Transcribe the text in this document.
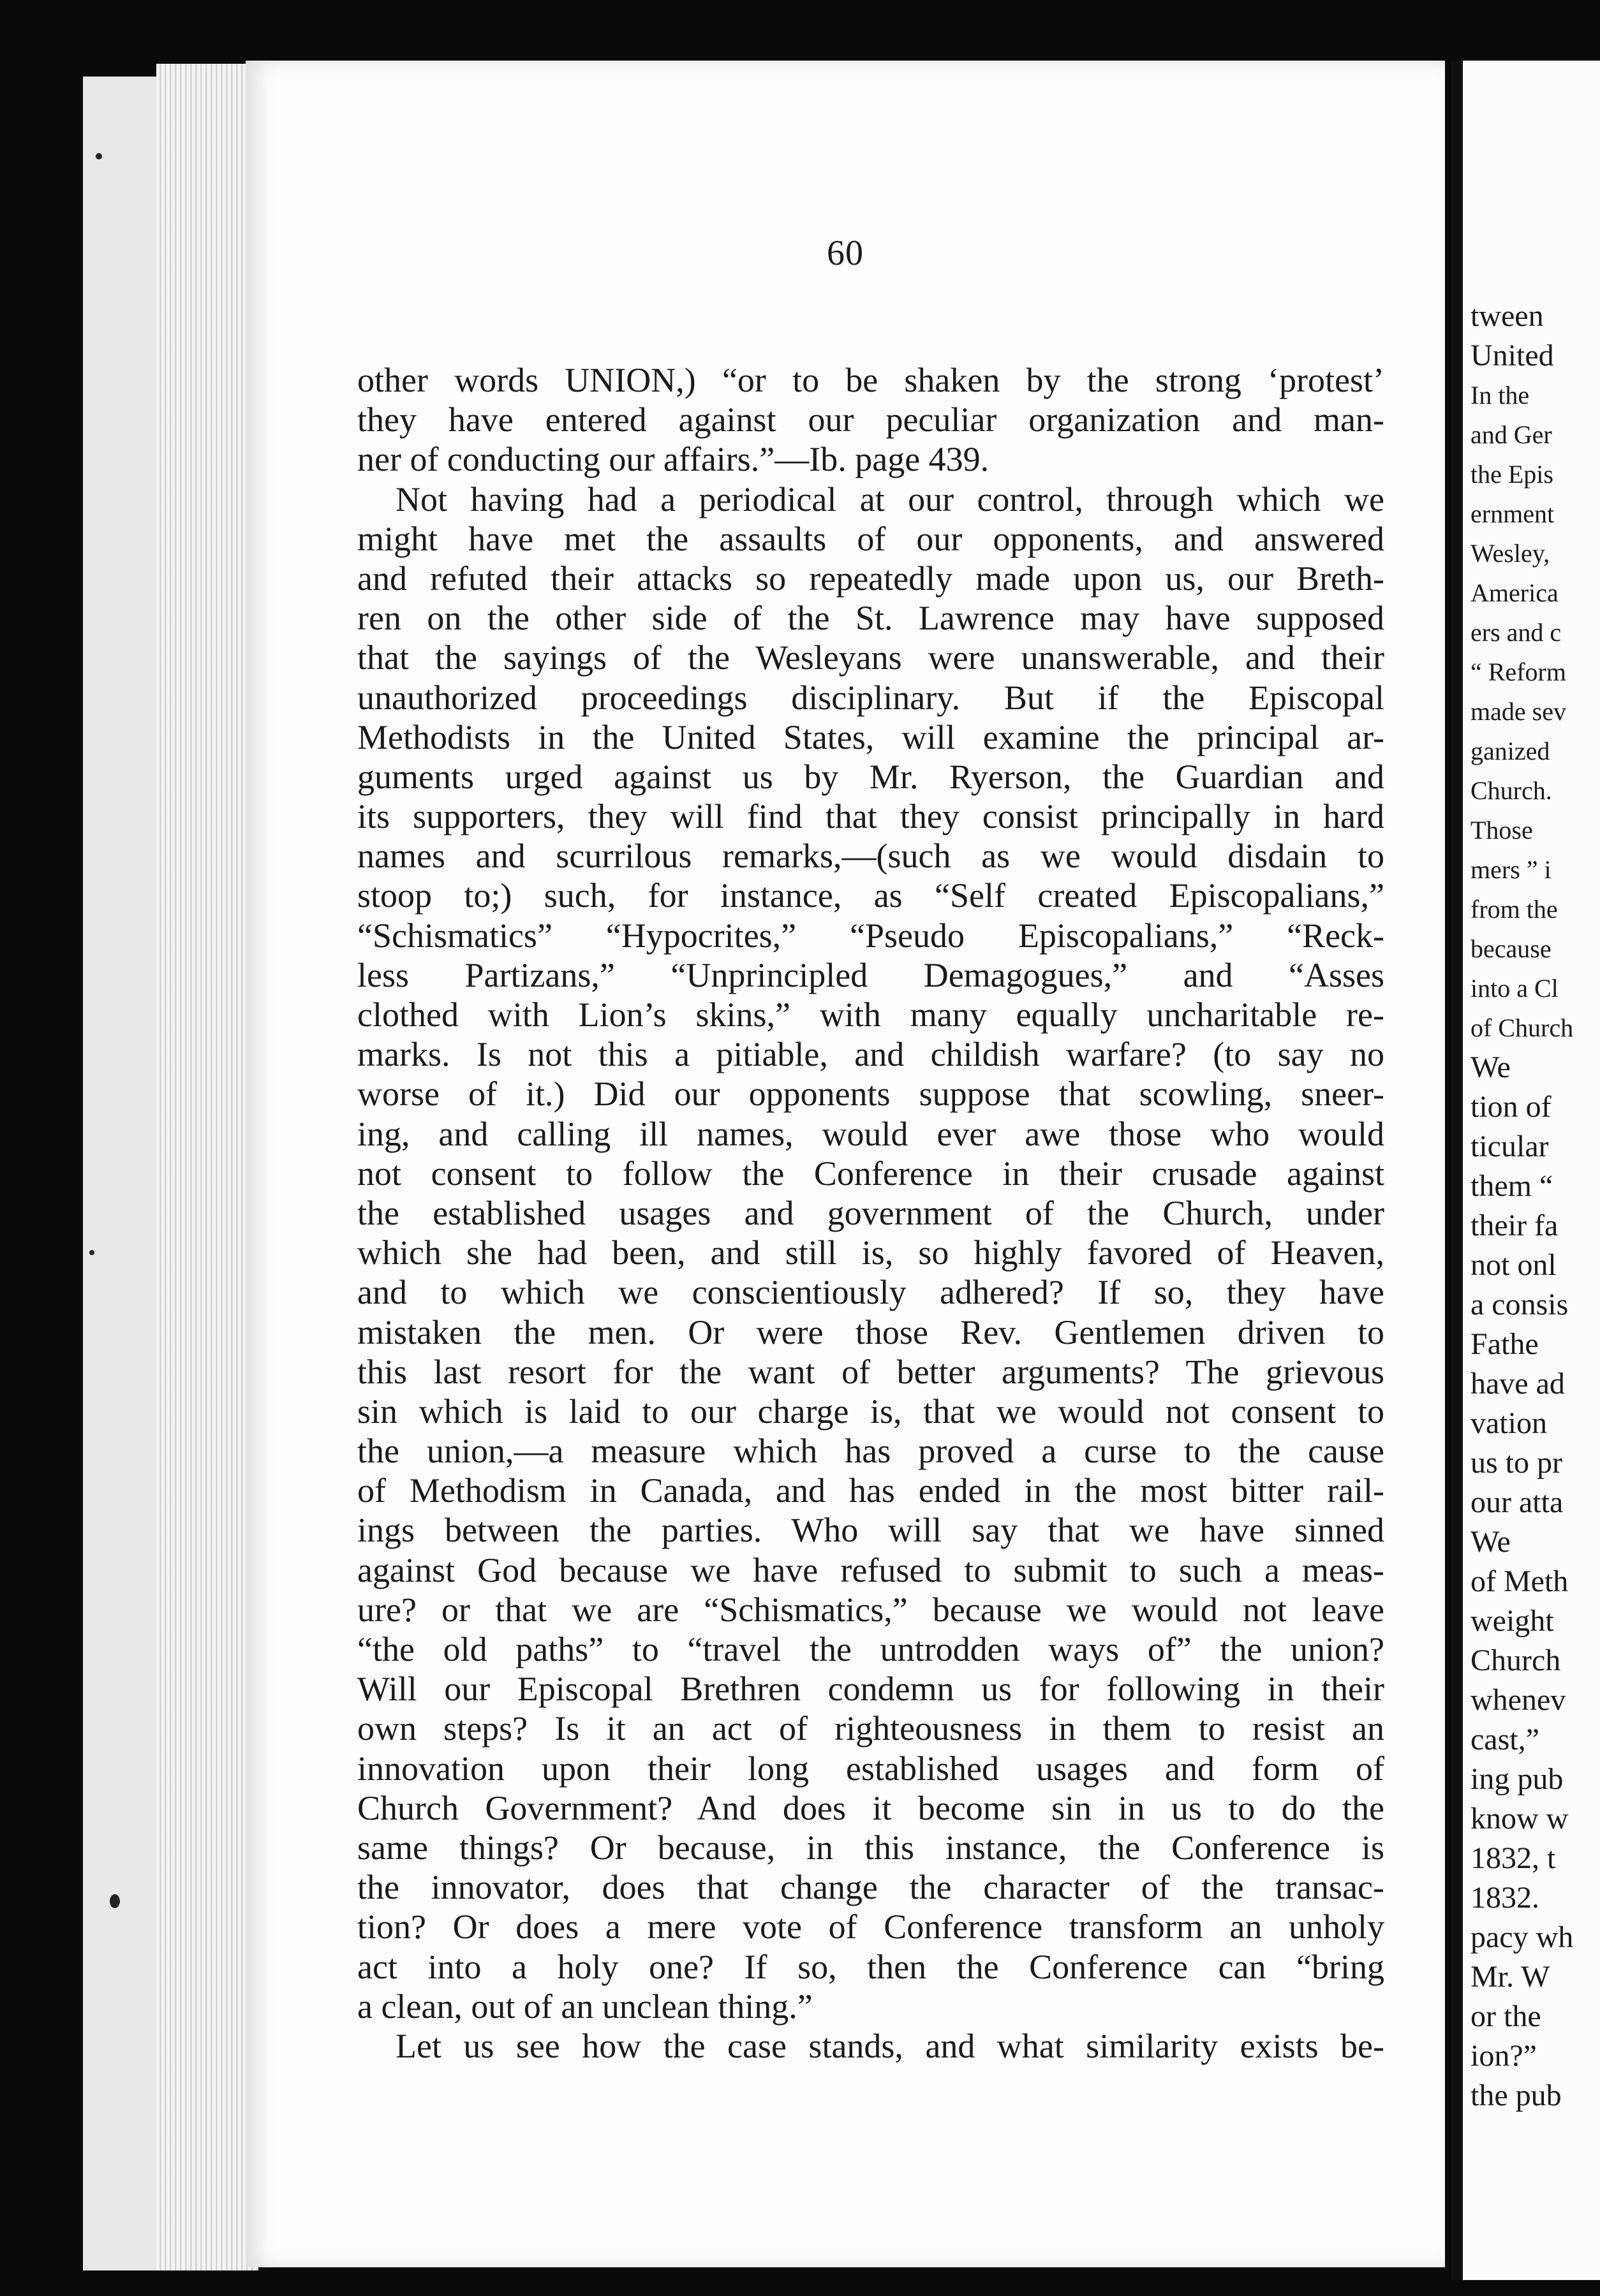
60
other words UNION,) “or to be shaken by the strong ‘protest’
they have entered against our peculiar organization and man-
ner of conducting our affairs.”—Ib. page 439.
Not having had a periodical at our control, through which we
might have met the assaults of our opponents, and answered
and refuted their attacks so repeatedly made upon us, our Breth-
ren on the other side of the St. Lawrence may have supposed
that the sayings of the Wesleyans were unanswerable, and their
unauthorized proceedings disciplinary. But if the Episcopal
Methodists in the United States, will examine the principal ar-
guments urged against us by Mr. Ryerson, the Guardian and
its supporters, they will find that they consist principally in hard
names and scurrilous remarks,—(such as we would disdain to
stoop to;) such, for instance, as “Self created Episcopalians,”
“Schismatics” “Hypocrites,” “Pseudo Episcopalians,” “Reck-
less Partizans,” “Unprincipled Demagogues,” and “Asses
clothed with Lion’s skins,” with many equally uncharitable re-
marks. Is not this a pitiable, and childish warfare? (to say no
worse of it.) Did our opponents suppose that scowling, sneer-
ing, and calling ill names, would ever awe those who would
not consent to follow the Conference in their crusade against
the established usages and government of the Church, under
which she had been, and still is, so highly favored of Heaven,
and to which we conscientiously adhered? If so, they have
mistaken the men. Or were those Rev. Gentlemen driven to
this last resort for the want of better arguments? The grievous
sin which is laid to our charge is, that we would not consent to
the union,—a measure which has proved a curse to the cause
of Methodism in Canada, and has ended in the most bitter rail-
ings between the parties. Who will say that we have sinned
against God because we have refused to submit to such a meas-
ure? or that we are “Schismatics,” because we would not leave
“the old paths” to “travel the untrodden ways of” the union?
Will our Episcopal Brethren condemn us for following in their
own steps? Is it an act of righteousness in them to resist an
innovation upon their long established usages and form of
Church Government? And does it become sin in us to do the
same things? Or because, in this instance, the Conference is
the innovator, does that change the character of the transac-
tion? Or does a mere vote of Conference transform an unholy
act into a holy one? If so, then the Conference can “bring
a clean, out of an unclean thing.”
Let us see how the case stands, and what similarity exists be-
tween
United
In the
and Ger
the Epis
ernment
Wesley,
America
ers and c
“ Reform
made sev
ganized
Church.
Those
mers ” i
from the
because
into a Cl
of Church
We
tion of
ticular
them “
their fa
not onl
a consis
Fathe
have ad
vation
us to pr
our atta
We
of Meth
weight
Church
whenev
cast,”
ing pub
know w
1832, t
1832.
pacy wh
Mr. W
or the
ion?”
the pub
